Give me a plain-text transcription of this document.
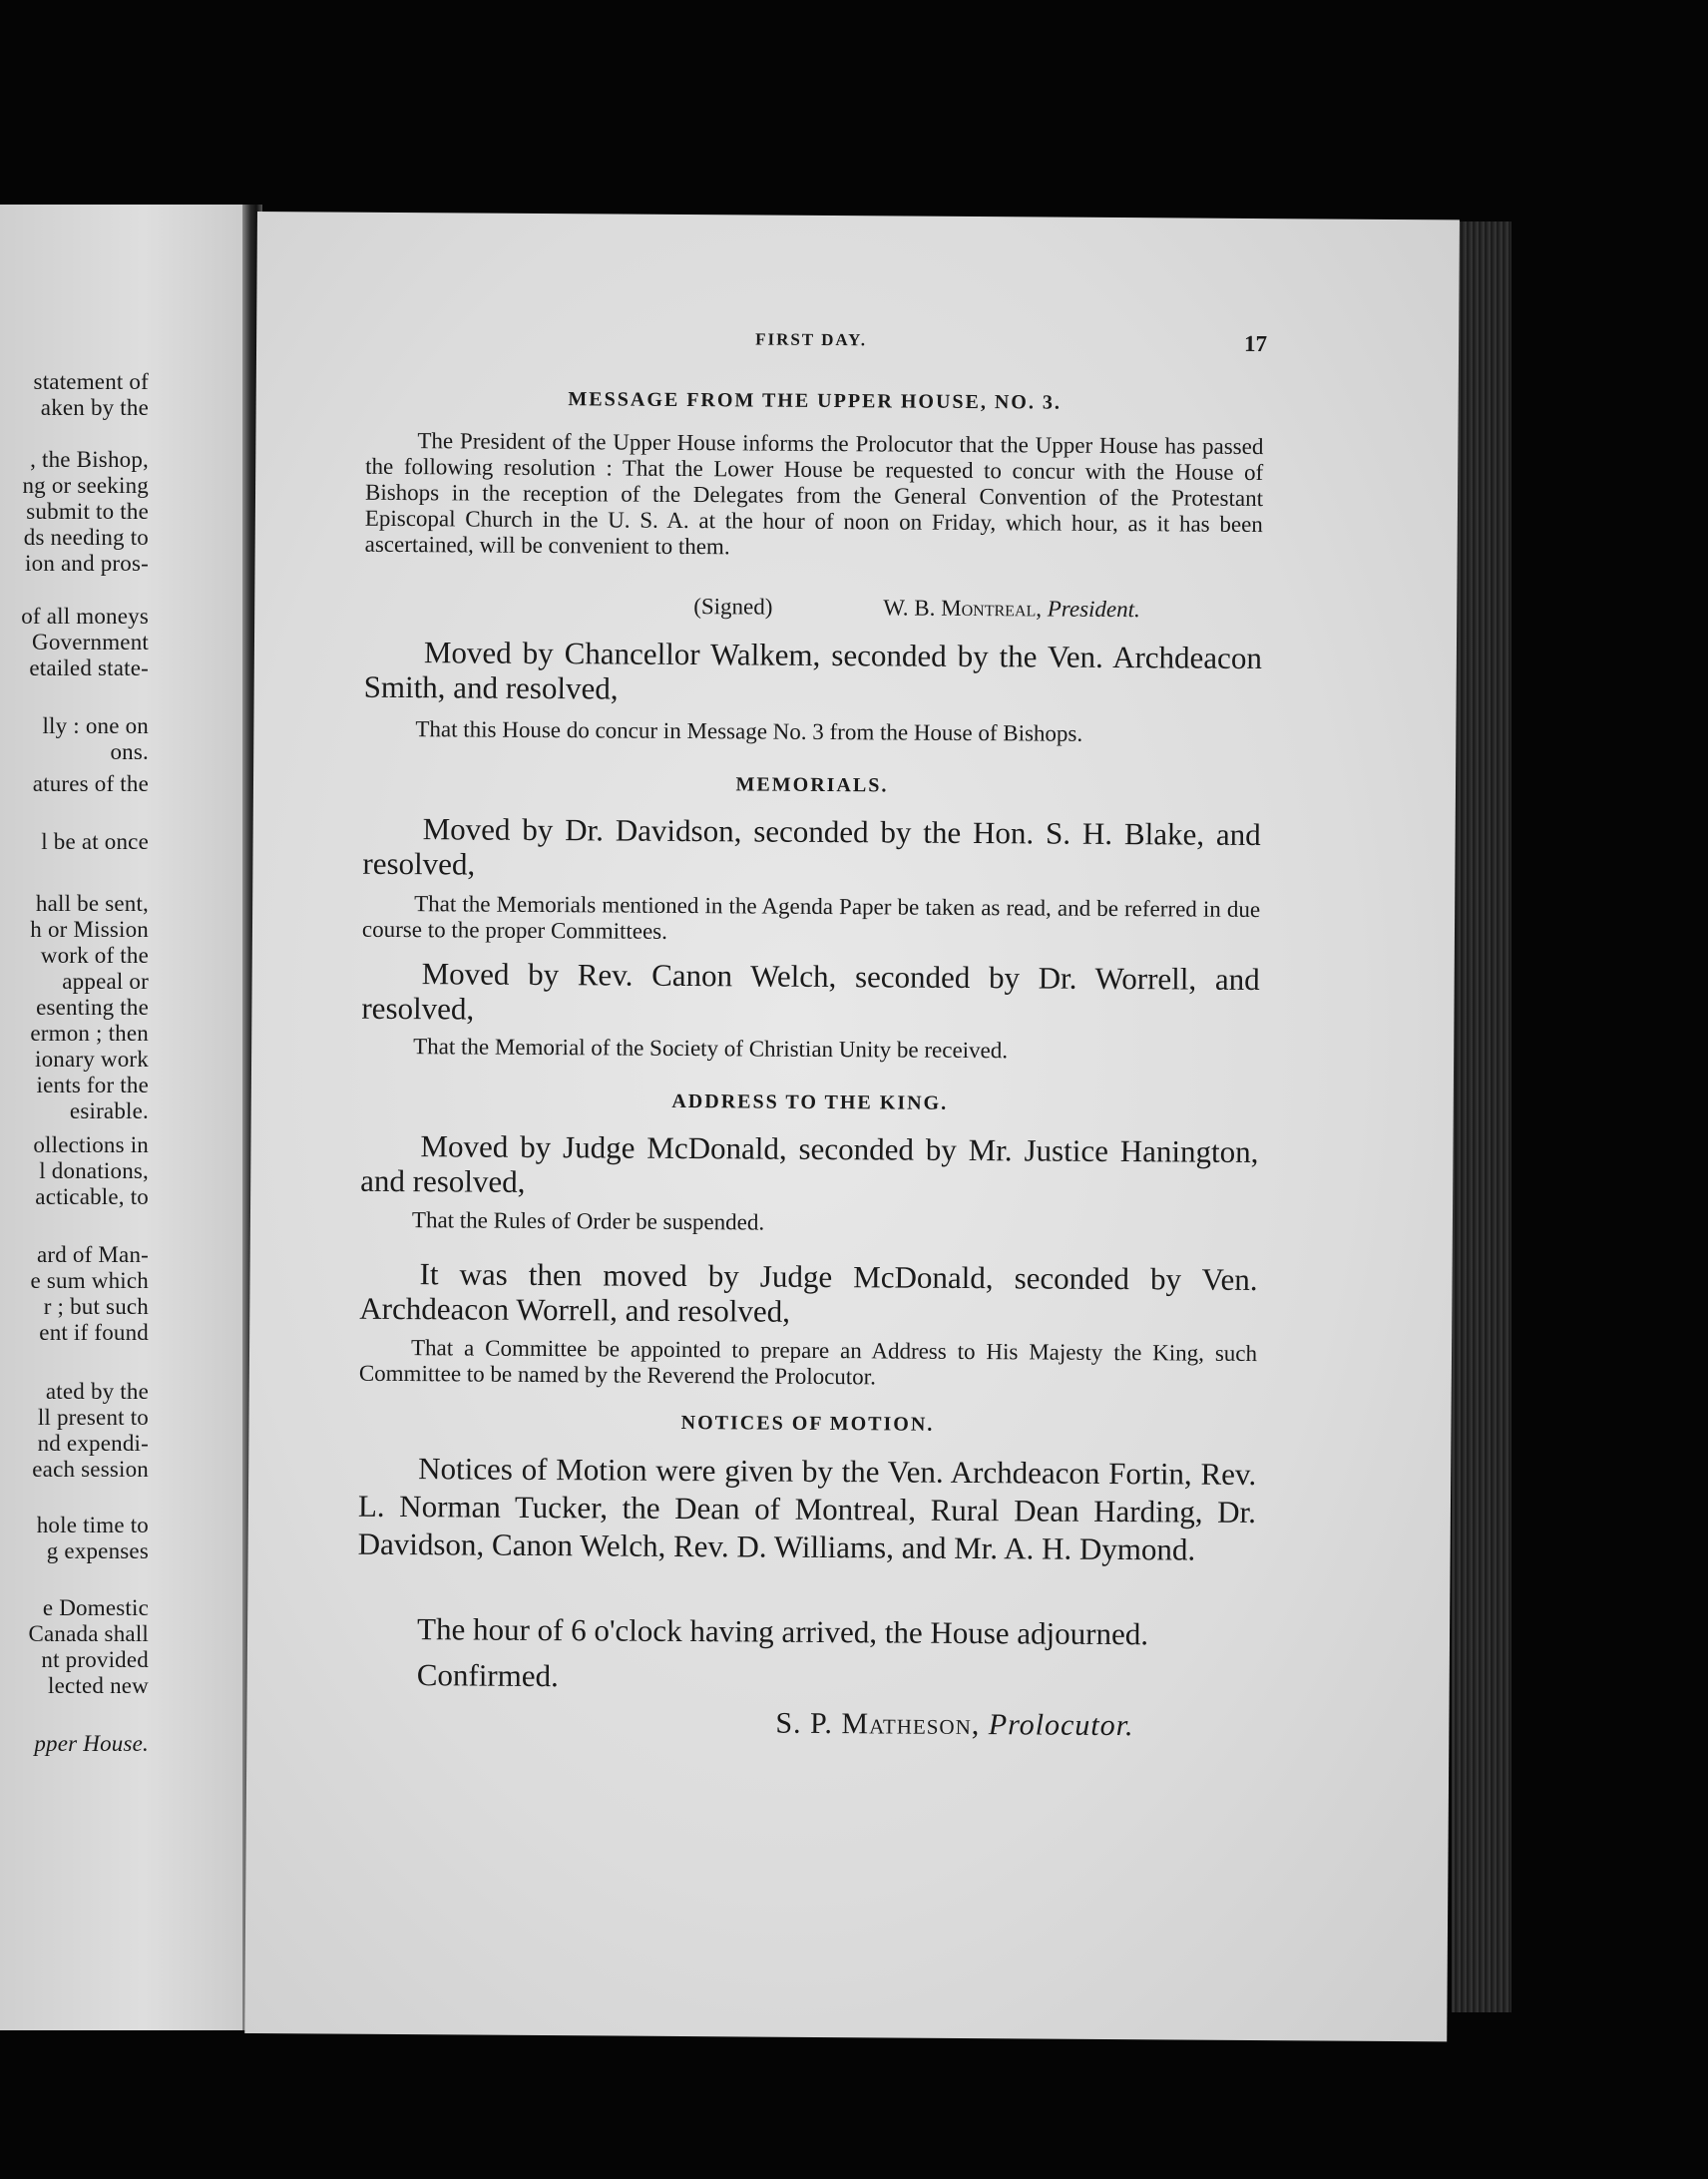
statement of
aken by the
, the Bishop,
ng or seeking
submit to the
ds needing to
ion and pros-
of all moneys
Government
etailed state-
lly : one on
ons.
atures of the
l be at once
hall be sent,
h or Mission
work of the
appeal or
esenting the
ermon ; then
ionary work
ients for the
esirable.
ollections in
l donations,
acticable, to
ard of Man-
e sum which
r ; but such
ent if found
ated by the
ll present to
nd expendi-
each session
hole time to
g expenses
e Domestic
Canada shall
nt provided
lected new
pper House.
FIRST DAY.	17
MESSAGE FROM THE UPPER HOUSE, NO. 3.
The President of the Upper House informs the Prolocutor that the Upper House has passed the following resolution : That the Lower House be requested to concur with the House of Bishops in the reception of the Delegates from the General Convention of the Protestant Episcopal Church in the U. S. A. at the hour of noon on Friday, which hour, as it has been ascertained, will be convenient to them.
(Signed)	W. B. Montreal, President.
Moved by Chancellor Walkem, seconded by the Ven. Archdeacon Smith, and resolved,
That this House do concur in Message No. 3 from the House of Bishops.
MEMORIALS.
Moved by Dr. Davidson, seconded by the Hon. S. H. Blake, and resolved,
That the Memorials mentioned in the Agenda Paper be taken as read, and be referred in due course to the proper Committees.
Moved by Rev. Canon Welch, seconded by Dr. Worrell, and resolved,
That the Memorial of the Society of Christian Unity be received.
ADDRESS TO THE KING.
Moved by Judge McDonald, seconded by Mr. Justice Hanington, and resolved,
That the Rules of Order be suspended.
It was then moved by Judge McDonald, seconded by Ven. Archdeacon Worrell, and resolved,
That a Committee be appointed to prepare an Address to His Majesty the King, such Committee to be named by the Reverend the Prolocutor.
NOTICES OF MOTION.
Notices of Motion were given by the Ven. Archdeacon Fortin, Rev. L. Norman Tucker, the Dean of Montreal, Rural Dean Harding, Dr. Davidson, Canon Welch, Rev. D. Williams, and Mr. A. H. Dymond.
The hour of 6 o'clock having arrived, the House adjourned.
Confirmed.
S. P. Matheson, Prolocutor.
